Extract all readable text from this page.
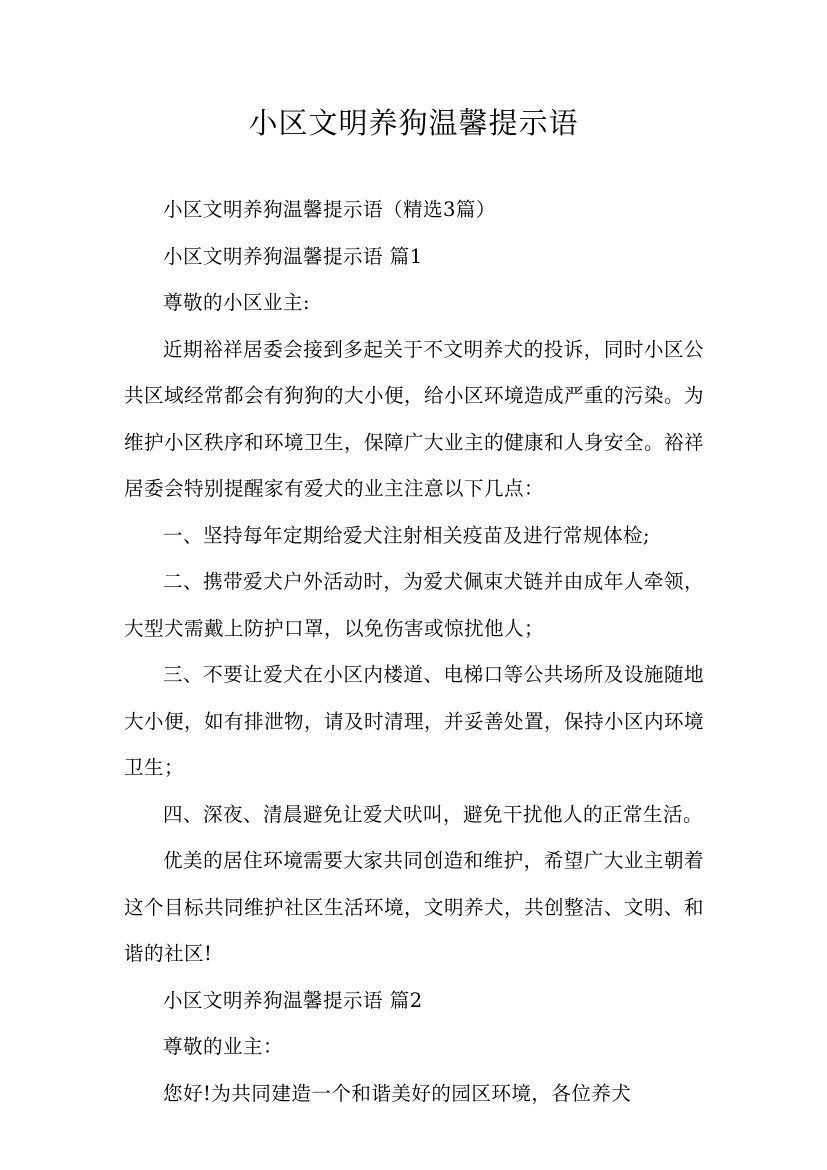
小区文明养狗温馨提示语

小区文明养狗温馨提示语（精选3篇）

小区文明养狗温馨提示语 篇1

尊敬的小区业主:

近期裕祥居委会接到多起关于不文明养犬的投诉，同时小区公共区域经常都会有狗狗的大小便，给小区环境造成严重的污染。为维护小区秩序和环境卫生，保障广大业主的健康和人身安全。裕祥居委会特别提醒家有爱犬的业主注意以下几点：

一、坚持每年定期给爱犬注射相关疫苗及进行常规体检;

二、携带爱犬户外活动时，为爱犬佩束犬链并由成年人牵领，大型犬需戴上防护口罩，以免伤害或惊扰他人；

三、不要让爱犬在小区内楼道、电梯口等公共场所及设施随地大小便，如有排泄物，请及时清理，并妥善处置，保持小区内环境卫生；

四、深夜、清晨避免让爱犬吠叫，避免干扰他人的正常生活。

优美的居住环境需要大家共同创造和维护，希望广大业主朝着这个目标共同维护社区生活环境，文明养犬，共创整洁、文明、和谐的社区!

小区文明养狗温馨提示语 篇2

尊敬的业主：

您好!为共同建造一个和谐美好的园区环境，各位养犬
